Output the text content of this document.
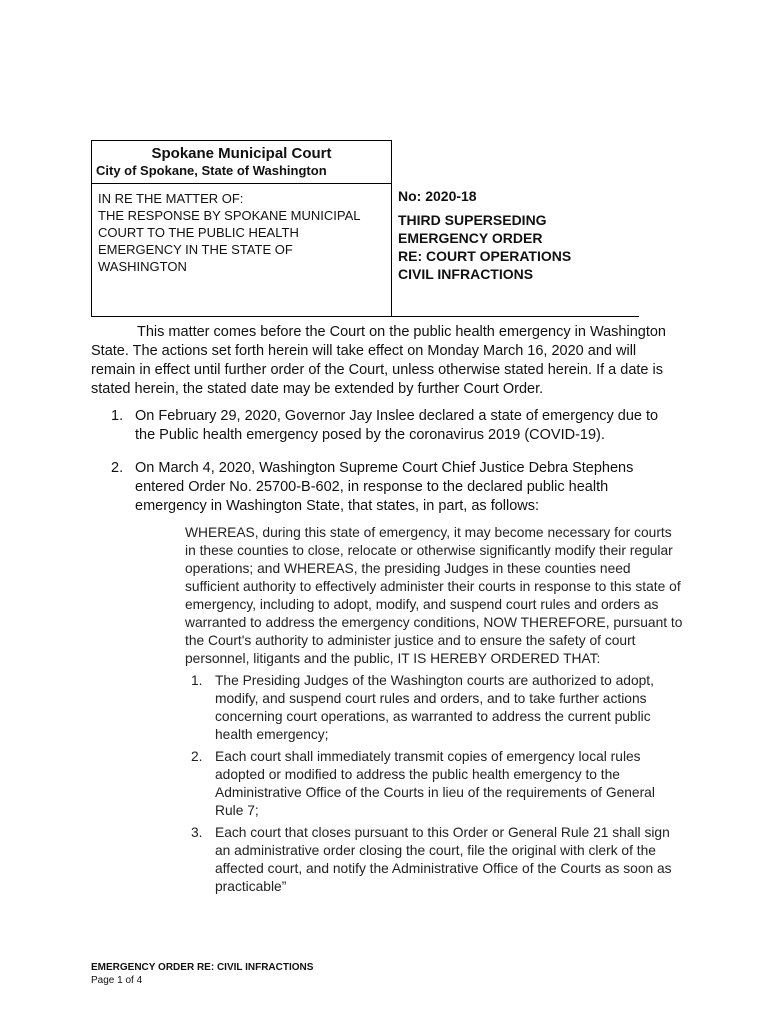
Spokane Municipal Court
City of Spokane, State of Washington
IN RE THE MATTER OF:
THE RESPONSE BY SPOKANE MUNICIPAL
COURT TO THE PUBLIC HEALTH
EMERGENCY IN THE STATE OF
WASHINGTON
No: 2020-18
THIRD SUPERSEDING
EMERGENCY ORDER
RE: COURT OPERATIONS
CIVIL INFRACTIONS

This matter comes before the Court on the public health emergency in Washington State. The actions set forth herein will take effect on Monday March 16, 2020 and will remain in effect until further order of the Court, unless otherwise stated herein. If a date is stated herein, the stated date may be extended by further Court Order.

1. On February 29, 2020, Governor Jay Inslee declared a state of emergency due to the Public health emergency posed by the coronavirus 2019 (COVID-19).
2. On March 4, 2020, Washington Supreme Court Chief Justice Debra Stephens entered Order No. 25700-B-602, in response to the declared public health emergency in Washington State, that states, in part, as follows:
WHEREAS, during this state of emergency, it may become necessary for courts in these counties to close, relocate or otherwise significantly modify their regular operations; and WHEREAS, the presiding Judges in these counties need sufficient authority to effectively administer their courts in response to this state of emergency, including to adopt, modify, and suspend court rules and orders as warranted to address the emergency conditions, NOW THEREFORE, pursuant to the Court's authority to administer justice and to ensure the safety of court personnel, litigants and the public, IT IS HEREBY ORDERED THAT:
1. The Presiding Judges of the Washington courts are authorized to adopt, modify, and suspend court rules and orders, and to take further actions concerning court operations, as warranted to address the current public health emergency;
2. Each court shall immediately transmit copies of emergency local rules adopted or modified to address the public health emergency to the Administrative Office of the Courts in lieu of the requirements of General Rule 7;
3. Each court that closes pursuant to this Order or General Rule 21 shall sign an administrative order closing the court, file the original with clerk of the affected court, and notify the Administrative Office of the Courts as soon as practicable”
EMERGENCY ORDER RE: CIVIL INFRACTIONS
Page 1 of 4
